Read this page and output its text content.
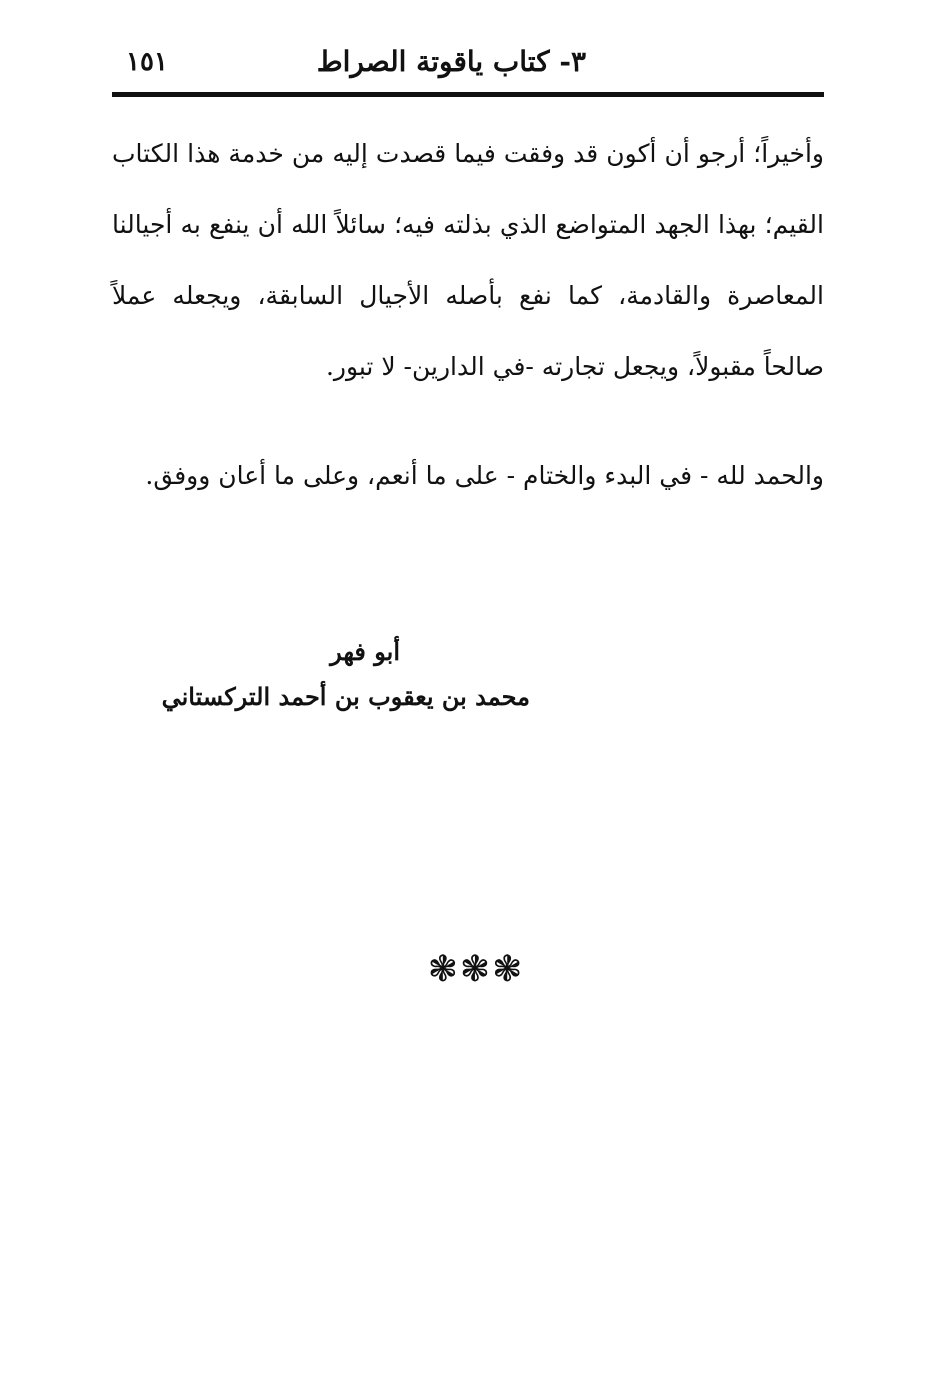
٣- كتاب ياقوتة الصراط
١٥١

وأخيراً؛ أرجو أن أكون قد وفقت فيما قصدت إليه من خدمة هذا الكتاب القيم؛ بهذا الجهد المتواضع الذي بذلته فيه؛ سائلاً الله أن ينفع به أجيالنا المعاصرة والقادمة، كما نفع بأصله الأجيال السابقة، ويجعله عملاً صالحاً مقبولاً، ويجعل تجارته -في الدارين- لا تبور.

والحمد لله - في البدء والختام - على ما أنعم، وعلى ما أعان ووفق.

أبو فهر
محمد بن يعقوب بن أحمد التركستاني
❃❃❃
